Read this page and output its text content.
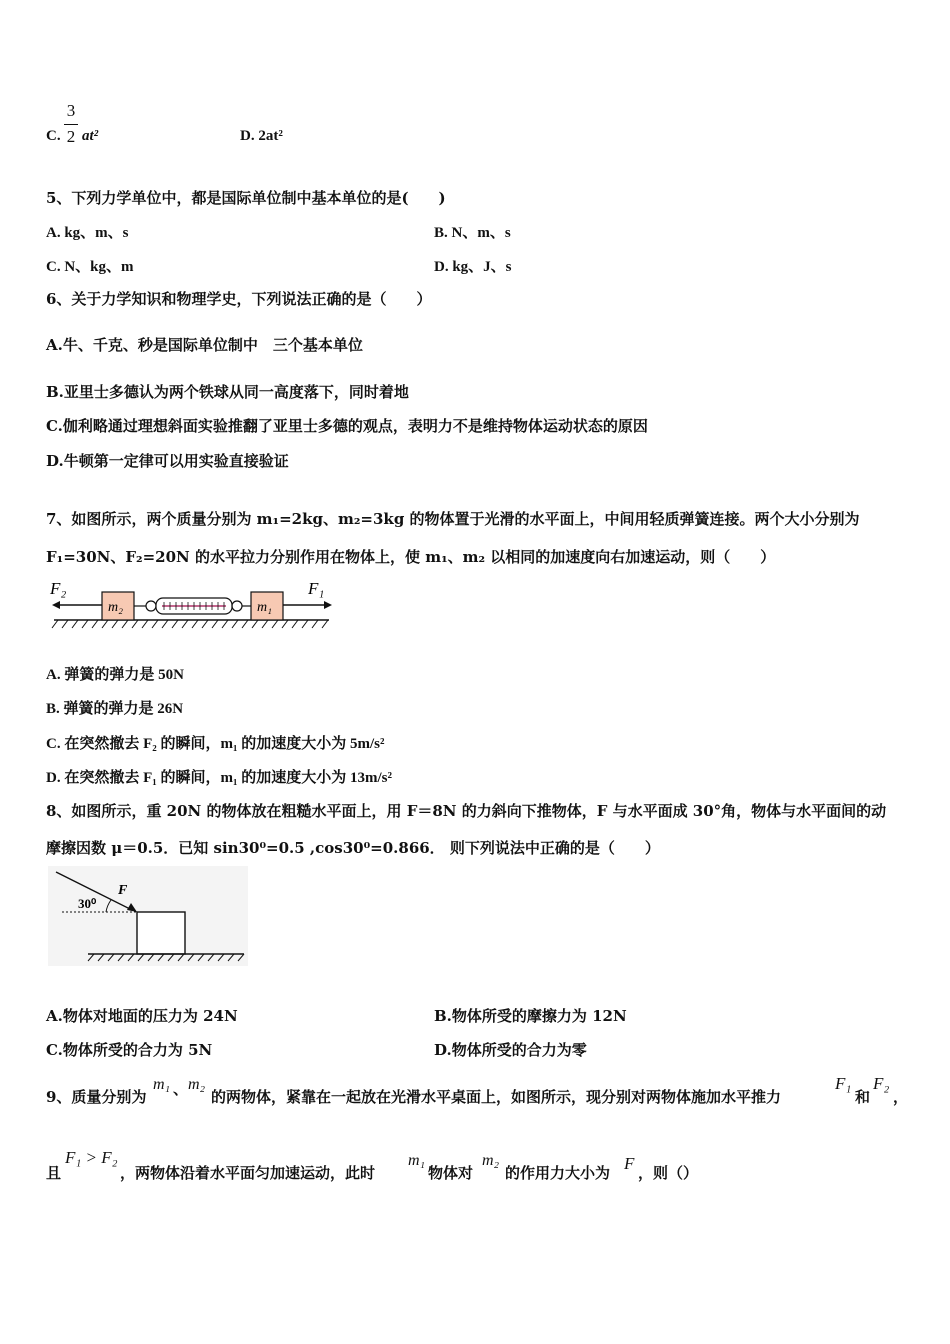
C.
3
2 at²	D. 2at²
5、下列力学单位中，都是国际单位制中基本单位的是(　　)
A. kg、m、s	B. N、m、s
C. N、kg、m	D. kg、J、s
6、关于力学知识和物理学史，下列说法正确的是（　　）
A.牛、千克、秒是国际单位制中　三个基本单位
B.亚里士多德认为两个铁球从同一高度落下，同时着地
C.伽利略通过理想斜面实验推翻了亚里士多德的观点，表明力不是维持物体运动状态的原因
D.牛顿第一定律可以用实验直接验证
7、如图所示，两个质量分别为 m₁=2kg、m₂=3kg 的物体置于光滑的水平面上，中间用轻质弹簧连接。两个大小分别为
F₁=30N、F₂=20N 的水平拉力分别作用在物体上，使 m₁、m₂ 以相同的加速度向右加速运动，则（　　）
F₂
m₂	m₁
F₁
A. 弹簧的弹力是 50N
B. 弹簧的弹力是 26N
C. 在突然撤去 F₂ 的瞬间，m₁ 的加速度大小为 5m/s²
D. 在突然撤去 F₁ 的瞬间，m₁ 的加速度大小为 13m/s²
8、如图所示，重 20N 的物体放在粗糙水平面上，用 F＝8N 的力斜向下推物体，F 与水平面成 30°角，物体与水平面间的动
摩擦因数 μ＝0.5．已知 sin30⁰=0.5 ,cos30⁰=0.866． 则下列说法中正确的是（　　）
30⁰
F
A.物体对地面的压力为 24N	B.物体所受的摩擦力为 12N
C.物体所受的合力为 5N	D.物体所受的合力为零
9、质量分别为
m₁ 、 m₂
的两物体，紧靠在一起放在光滑水平桌面上，如图所示，现分别对两物体施加水平推力
F₁
和
F₂
，
且
F₁ > F₂
，两物体沿着水平面匀加速运动，此时
m₁
物体对
m₂
的作用力大小为 F ，则（）
